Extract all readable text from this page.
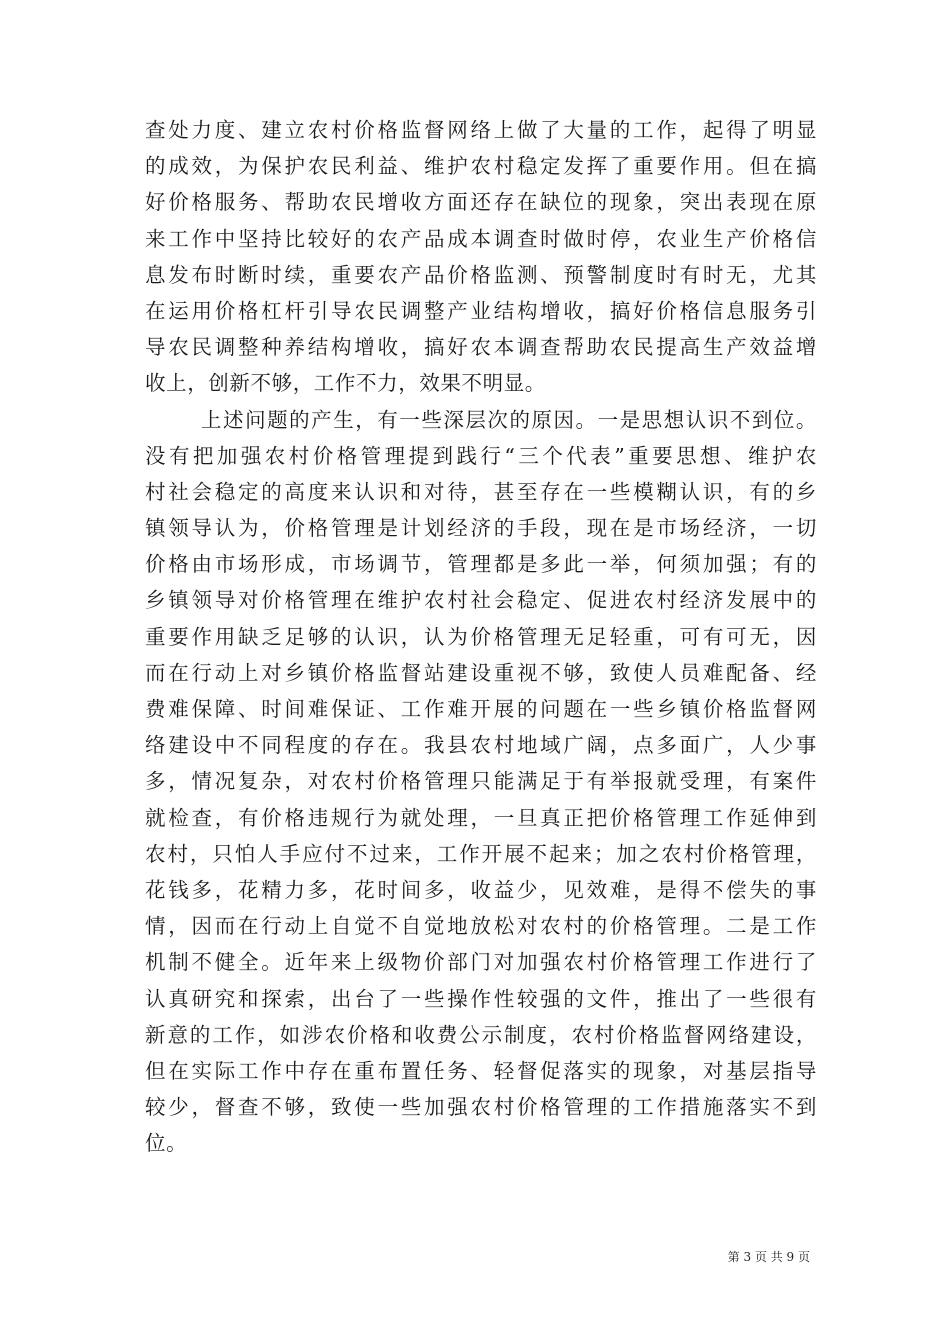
查处力度、建立农村价格监督网络上做了大量的工作，起得了明显
的成效，为保护农民利益、维护农村稳定发挥了重要作用。但在搞
好价格服务、帮助农民增收方面还存在缺位的现象，突出表现在原
来工作中坚持比较好的农产品成本调查时做时停，农业生产价格信
息发布时断时续，重要农产品价格监测、预警制度时有时无，尤其
在运用价格杠杆引导农民调整产业结构增收，搞好价格信息服务引
导农民调整种养结构增收，搞好农本调查帮助农民提高生产效益增
收上，创新不够，工作不力，效果不明显。
上述问题的产生，有一些深层次的原因。一是思想认识不到位。
没有把加强农村价格管理提到践行“三个代表”重要思想、维护农
村社会稳定的高度来认识和对待，甚至存在一些模糊认识，有的乡
镇领导认为，价格管理是计划经济的手段，现在是市场经济，一切
价格由市场形成，市场调节，管理都是多此一举，何须加强；有的
乡镇领导对价格管理在维护农村社会稳定、促进农村经济发展中的
重要作用缺乏足够的认识，认为价格管理无足轻重，可有可无，因
而在行动上对乡镇价格监督站建设重视不够，致使人员难配备、经
费难保障、时间难保证、工作难开展的问题在一些乡镇价格监督网
络建设中不同程度的存在。我县农村地域广阔，点多面广，人少事
多，情况复杂，对农村价格管理只能满足于有举报就受理，有案件
就检查，有价格违规行为就处理，一旦真正把价格管理工作延伸到
农村，只怕人手应付不过来，工作开展不起来；加之农村价格管理，
花钱多，花精力多，花时间多，收益少，见效难，是得不偿失的事
情，因而在行动上自觉不自觉地放松对农村的价格管理。二是工作
机制不健全。近年来上级物价部门对加强农村价格管理工作进行了
认真研究和探索，出台了一些操作性较强的文件，推出了一些很有
新意的工作，如涉农价格和收费公示制度，农村价格监督网络建设，
但在实际工作中存在重布置任务、轻督促落实的现象，对基层指导
较少，督查不够，致使一些加强农村价格管理的工作措施落实不到
位。
第 3 页 共 9 页
